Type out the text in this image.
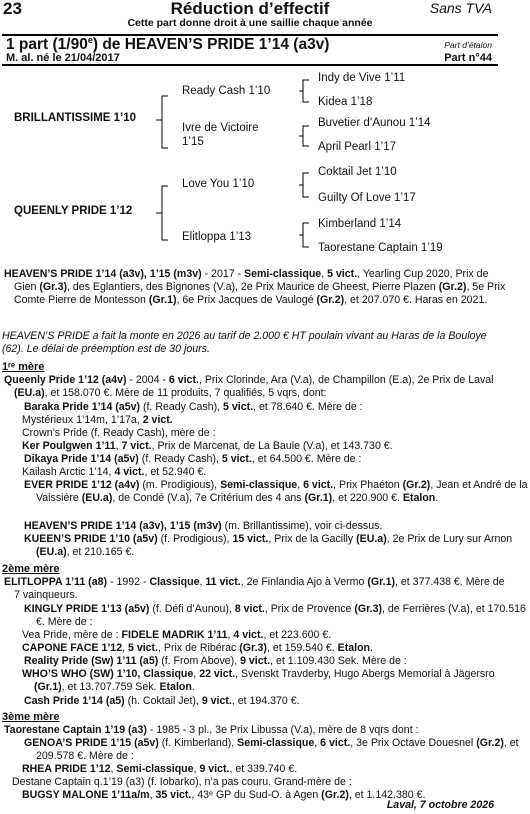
23	Réduction d’effectif	Sans TVA
Cette part donne droit à une saillie chaque année
1 part (1/90e) de HEAVEN’S PRIDE 1’14 (a3v)	Part d’étalon
M. al. né le 21/04/2017	Part n°44
BRILLANTISSIME 1’10
QUEENLY PRIDE 1’12
Ready Cash 1’10
Ivre de Victoire
1’15
Love You 1’10
Elitloppa 1’13
Indy de Vive 1’11
Kidea 1’18
Buvetier d’Aunou 1’14
April Pearl 1’17
Coktail Jet 1’10
Guilty Of Love 1’17
Kimberland 1’14
Taorestane Captain 1’19
HEAVEN’S PRIDE 1’14 (a3v), 1’15 (m3v) - 2017 - Semi-classique, 5 vict., Yearling Cup 2020, Prix de Gien (Gr.3), des Eglantiers, des Bignones (V.a), 2e Prix Maurice de Gheest, Pierre Plazen (Gr.2), 5e Prix Comte Pierre de Montesson (Gr.1), 6e Prix Jacques de Vaulogé (Gr.2), et 207.070 €. Haras en 2021.
HEAVEN’S PRIDE a fait la monte en 2026 au tarif de 2.000 € HT poulain vivant au Haras de la Bouloye (62). Le délai de préemption est de 30 jours.
1ʳᵉ mère
Queenly Pride 1’12 (a4v) - 2004 - 6 vict., Prix Clorinde, Ara (V.a), de Champillon (E.a), 2e Prix de Laval (EU.a), et 158.070 €. Mère de 11 produits, 7 qualifiés, 5 vqrs, dont:
Baraka Pride 1’14 (a5v) (f. Ready Cash), 5 vict., et 78.640 €. Mère de :
Mystérieux 1’14m, 1’17a, 2 vict.
Crown’s Pride (f. Ready Cash), mère de :
Ker Poulgwen 1’11, 7 vict., Prix de Marcenat, de La Baule (V.a), et 143.730 €.
Dikaya Pride 1’14 (a5v) (f. Ready Cash), 5 vict., et 64.500 €. Mère de :
Kailash Arctic 1’14, 4 vict., et 52.940 €.
EVER PRIDE 1’12 (a4v) (m. Prodigious), Semi-classique, 6 vict., Prix Phaéton (Gr.2), Jean et André de la Vaissière (EU.a), de Condé (V.a), 7e Critérium des 4 ans (Gr.1), et 220.900 €. Etalon.
HEAVEN’S PRIDE 1’14 (a3v), 1’15 (m3v) (m. Brillantissime), voir ci-dessus.
KUEEN’S PRIDE 1’10 (a5v) (f. Prodigious), 15 vict., Prix de la Gacilly (EU.a), 2e Prix de Lury sur Arnon (EU.a), et 210.165 €.
2ème mère
ELITLOPPA 1’11 (a8) - 1992 - Classique, 11 vict., 2e Finlandia Ajo à Vermo (Gr.1), et 377.438 €. Mère de 7 vainqueurs.
KINGLY PRIDE 1’13 (a5v) (f. Défi d’Aunou), 8 vict., Prix de Provence (Gr.3), de Ferrières (V.a), et 170.516 €. Mère de :
Vea Pride, mère de : FIDELE MADRIK 1’11, 4 vict., et 223.600 €.
CAPONE FACE 1’12, 5 vict., Prix de Ribérac (Gr.3), et 159.540 €. Etalon.
Reality Pride (Sw) 1’11 (a5) (f. From Above), 9 vict., et 1.109.430 Sek. Mère de :
WHO’S WHO (SW) 1’10, Classique, 22 vict., Svenskt Travderby, Hugo Abergs Memorial à Jägersro (Gr.1), et 13.707.759 Sek. Etalon.
Cash Pride 1’14 (a5) (h. Coktail Jet), 9 vict., et 194.370 €.
3ème mère
Taorestane Captain 1’19 (a3) - 1985 - 3 pl., 3e Prix Libussa (V.a), mère de 8 vqrs dont :
GENOA’S PRIDE 1’15 (a5v) (f. Kimberland), Semi-classique, 6 vict., 3e Prix Octave Douesnel (Gr.2), et 209.578 €. Mère de :
RHEA PRIDE 1’12, Semi-classique, 9 vict., et 339.740 €.
Destane Captain q.1’19 (a3) (f. Iobarko), n’a pas couru. Grand-mère de :
BUGSY MALONE 1’11a/m, 35 vict., 43ᵉ GP du Sud-O. à Agen (Gr.2), et 1.142.380 €.
Laval, 7 octobre 2026
